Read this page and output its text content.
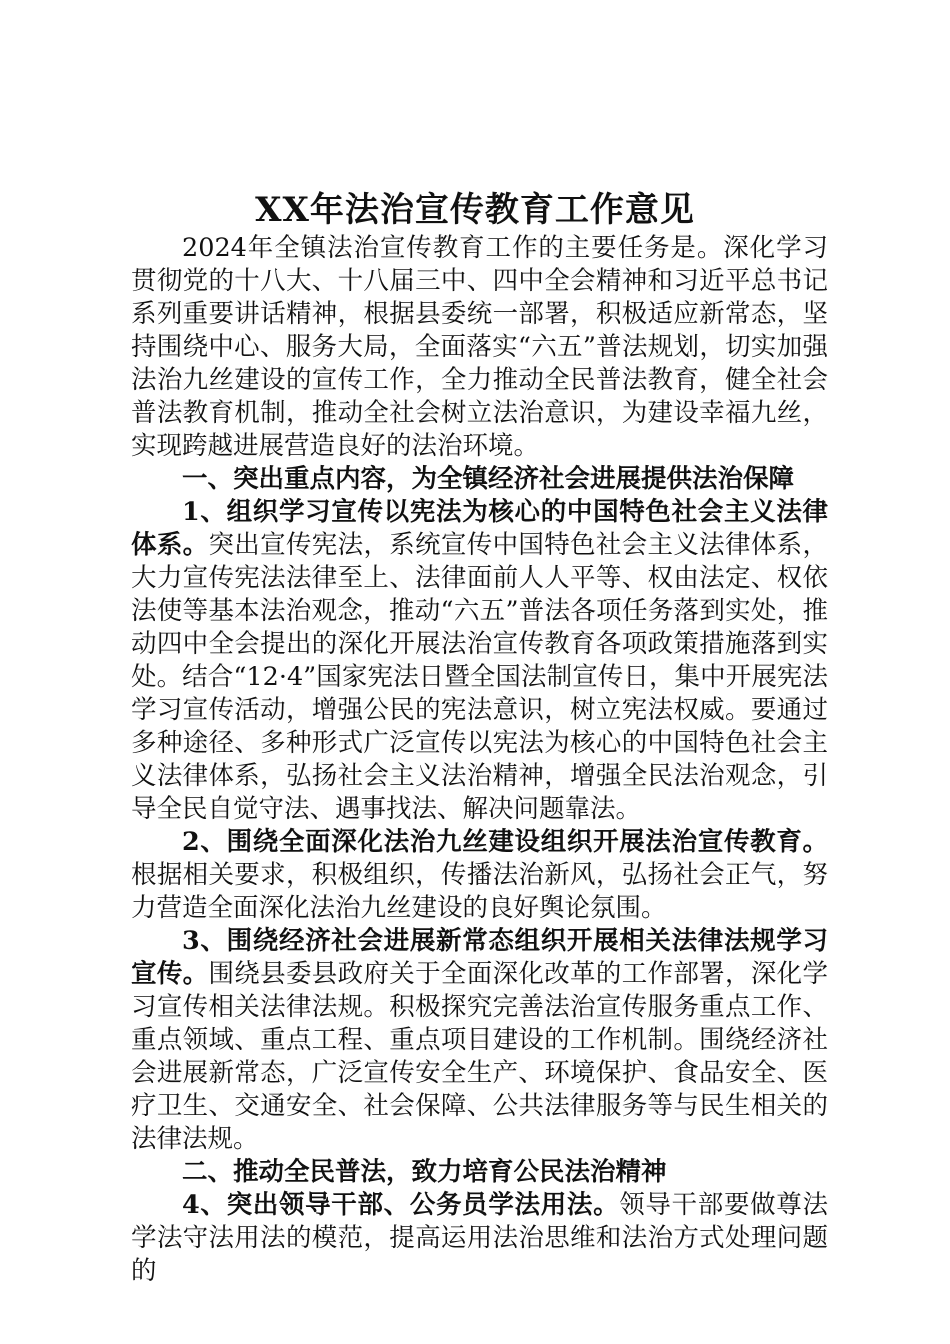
XX年法治宣传教育工作意见

2024年全镇法治宣传教育工作的主要任务是。深化学习贯彻党的十八大、十八届三中、四中全会精神和习近平总书记系列重要讲话精神，根据县委统一部署，积极适应新常态，坚持围绕中心、服务大局，全面落实“六五”普法规划，切实加强法治九丝建设的宣传工作，全力推动全民普法教育，健全社会普法教育机制，推动全社会树立法治意识，为建设幸福九丝，实现跨越进展营造良好的法治环境。

一、突出重点内容，为全镇经济社会进展提供法治保障

1、组织学习宣传以宪法为核心的中国特色社会主义法律体系。突出宣传宪法，系统宣传中国特色社会主义法律体系，大力宣传宪法法律至上、法律面前人人平等、权由法定、权依法使等基本法治观念，推动“六五”普法各项任务落到实处，推动四中全会提出的深化开展法治宣传教育各项政策措施落到实处。结合“12·4”国家宪法日暨全国法制宣传日，集中开展宪法学习宣传活动，增强公民的宪法意识，树立宪法权威。要通过多种途径、多种形式广泛宣传以宪法为核心的中国特色社会主义法律体系，弘扬社会主义法治精神，增强全民法治观念，引导全民自觉守法、遇事找法、解决问题靠法。

2、围绕全面深化法治九丝建设组织开展法治宣传教育。根据相关要求，积极组织，传播法治新风，弘扬社会正气，努力营造全面深化法治九丝建设的良好舆论氛围。

3、围绕经济社会进展新常态组织开展相关法律法规学习宣传。围绕县委县政府关于全面深化改革的工作部署，深化学习宣传相关法律法规。积极探究完善法治宣传服务重点工作、重点领域、重点工程、重点项目建设的工作机制。围绕经济社会进展新常态，广泛宣传安全生产、环境保护、食品安全、医疗卫生、交通安全、社会保障、公共法律服务等与民生相关的法律法规。

二、推动全民普法，致力培育公民法治精神

4、突出领导干部、公务员学法用法。领导干部要做尊法学法守法用法的模范，提高运用法治思维和法治方式处理问题的
